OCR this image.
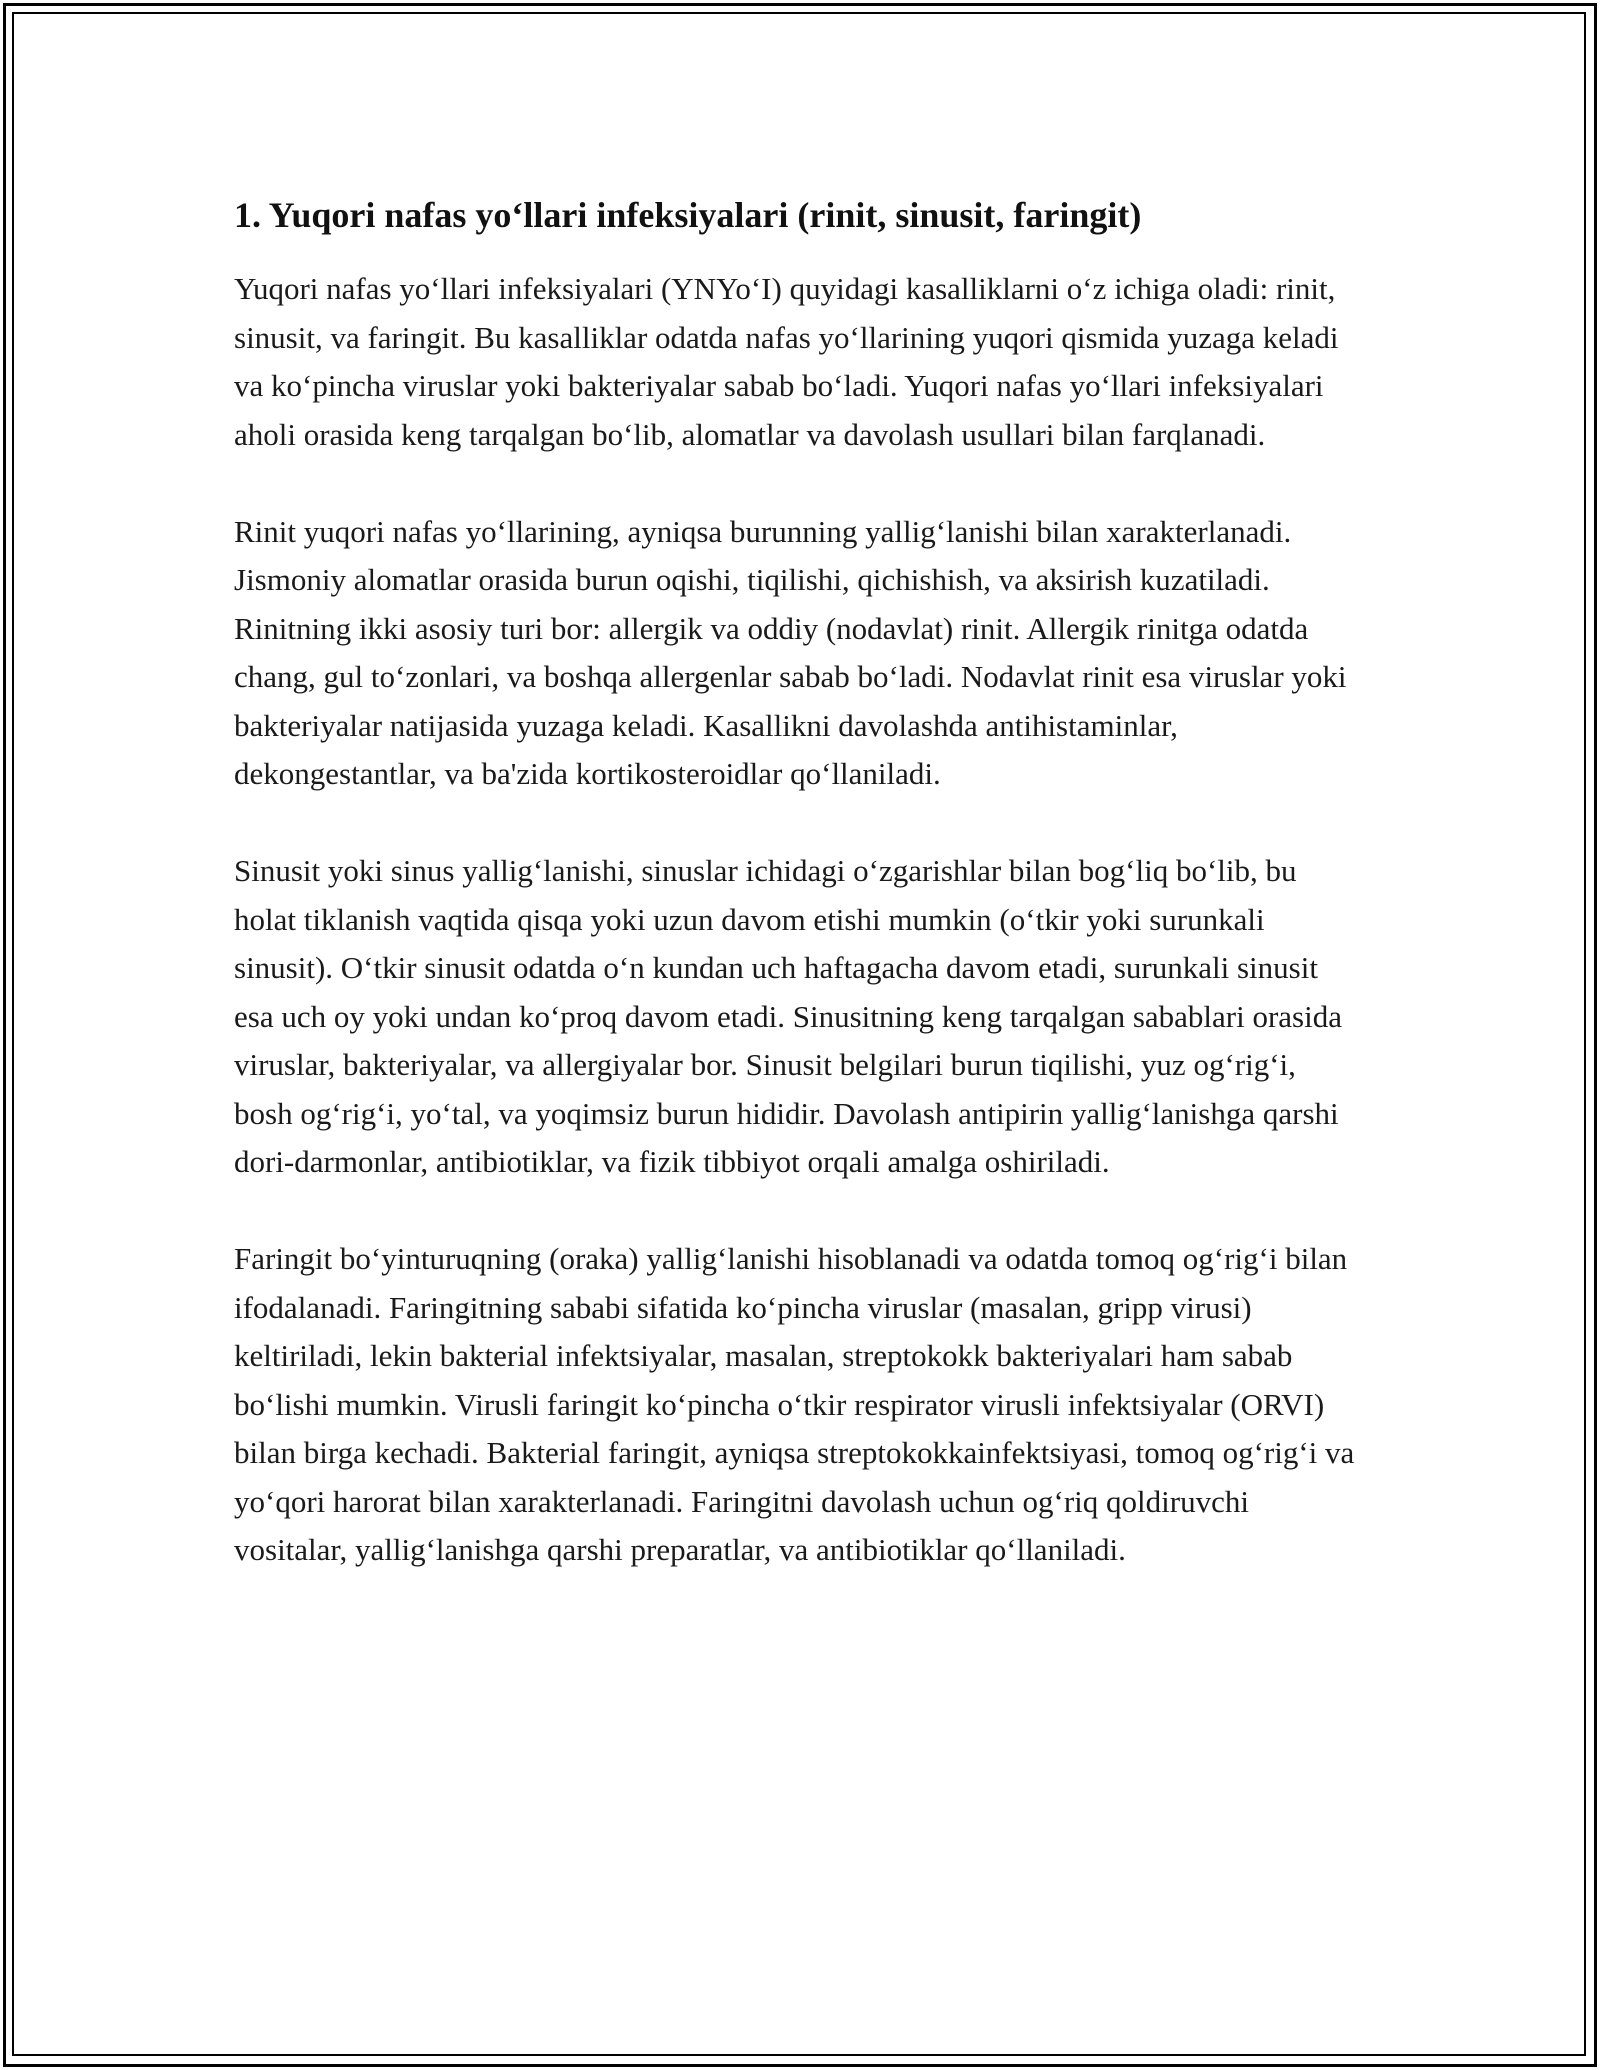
1. Yuqori nafas yo‘llari infeksiyalari (rinit, sinusit, faringit)

Yuqori nafas yo‘llari infeksiyalari (YNYo‘I) quyidagi kasalliklarni o‘z ichiga oladi: rinit, sinusit, va faringit. Bu kasalliklar odatda nafas yo‘llarining yuqori qismida yuzaga keladi va ko‘pincha viruslar yoki bakteriyalar sabab bo‘ladi. Yuqori nafas yo‘llari infeksiyalari aholi orasida keng tarqalgan bo‘lib, alomatlar va davolash usullari bilan farqlanadi.

Rinit yuqori nafas yo‘llarining, ayniqsa burunning yallig‘lanishi bilan xarakterlanadi. Jismoniy alomatlar orasida burun oqishi, tiqilishi, qichishish, va aksirish kuzatiladi. Rinitning ikki asosiy turi bor: allergik va oddiy (nodavlat) rinit. Allergik rinitga odatda chang, gul to‘zonlari, va boshqa allergenlar sabab bo‘ladi. Nodavlat rinit esa viruslar yoki bakteriyalar natijasida yuzaga keladi. Kasallikni davolashda antihistaminlar, dekongestantlar, va ba'zida kortikosteroidlar qo‘llaniladi.

Sinusit yoki sinus yallig‘lanishi, sinuslar ichidagi o‘zgarishlar bilan bog‘liq bo‘lib, bu holat tiklanish vaqtida qisqa yoki uzun davom etishi mumkin (o‘tkir yoki surunkali sinusit). O‘tkir sinusit odatda o‘n kundan uch haftagacha davom etadi, surunkali sinusit esa uch oy yoki undan ko‘proq davom etadi. Sinusitning keng tarqalgan sabablari orasida viruslar, bakteriyalar, va allergiyalar bor. Sinusit belgilari burun tiqilishi, yuz og‘rig‘i, bosh og‘rig‘i, yo‘tal, va yoqimsiz burun hididir. Davolash antipirin yallig‘lanishga qarshi dori-darmonlar, antibiotiklar, va fizik tibbiyot orqali amalga oshiriladi.

Faringit bo‘yinturuqning (oraka) yallig‘lanishi hisoblanadi va odatda tomoq og‘rig‘i bilan ifodalanadi. Faringitning sababi sifatida ko‘pincha viruslar (masalan, gripp virusi) keltiriladi, lekin bakterial infektsiyalar, masalan, streptokokk bakteriyalari ham sabab bo‘lishi mumkin. Virusli faringit ko‘pincha o‘tkir respirator virusli infektsiyalar (ORVI) bilan birga kechadi. Bakterial faringit, ayniqsa streptokokkainfektsiyasi, tomoq og‘rig‘i va yo‘qori harorat bilan xarakterlanadi. Faringitni davolash uchun og‘riq qoldiruvchi vositalar, yallig‘lanishga qarshi preparatlar, va antibiotiklar qo‘llaniladi.
